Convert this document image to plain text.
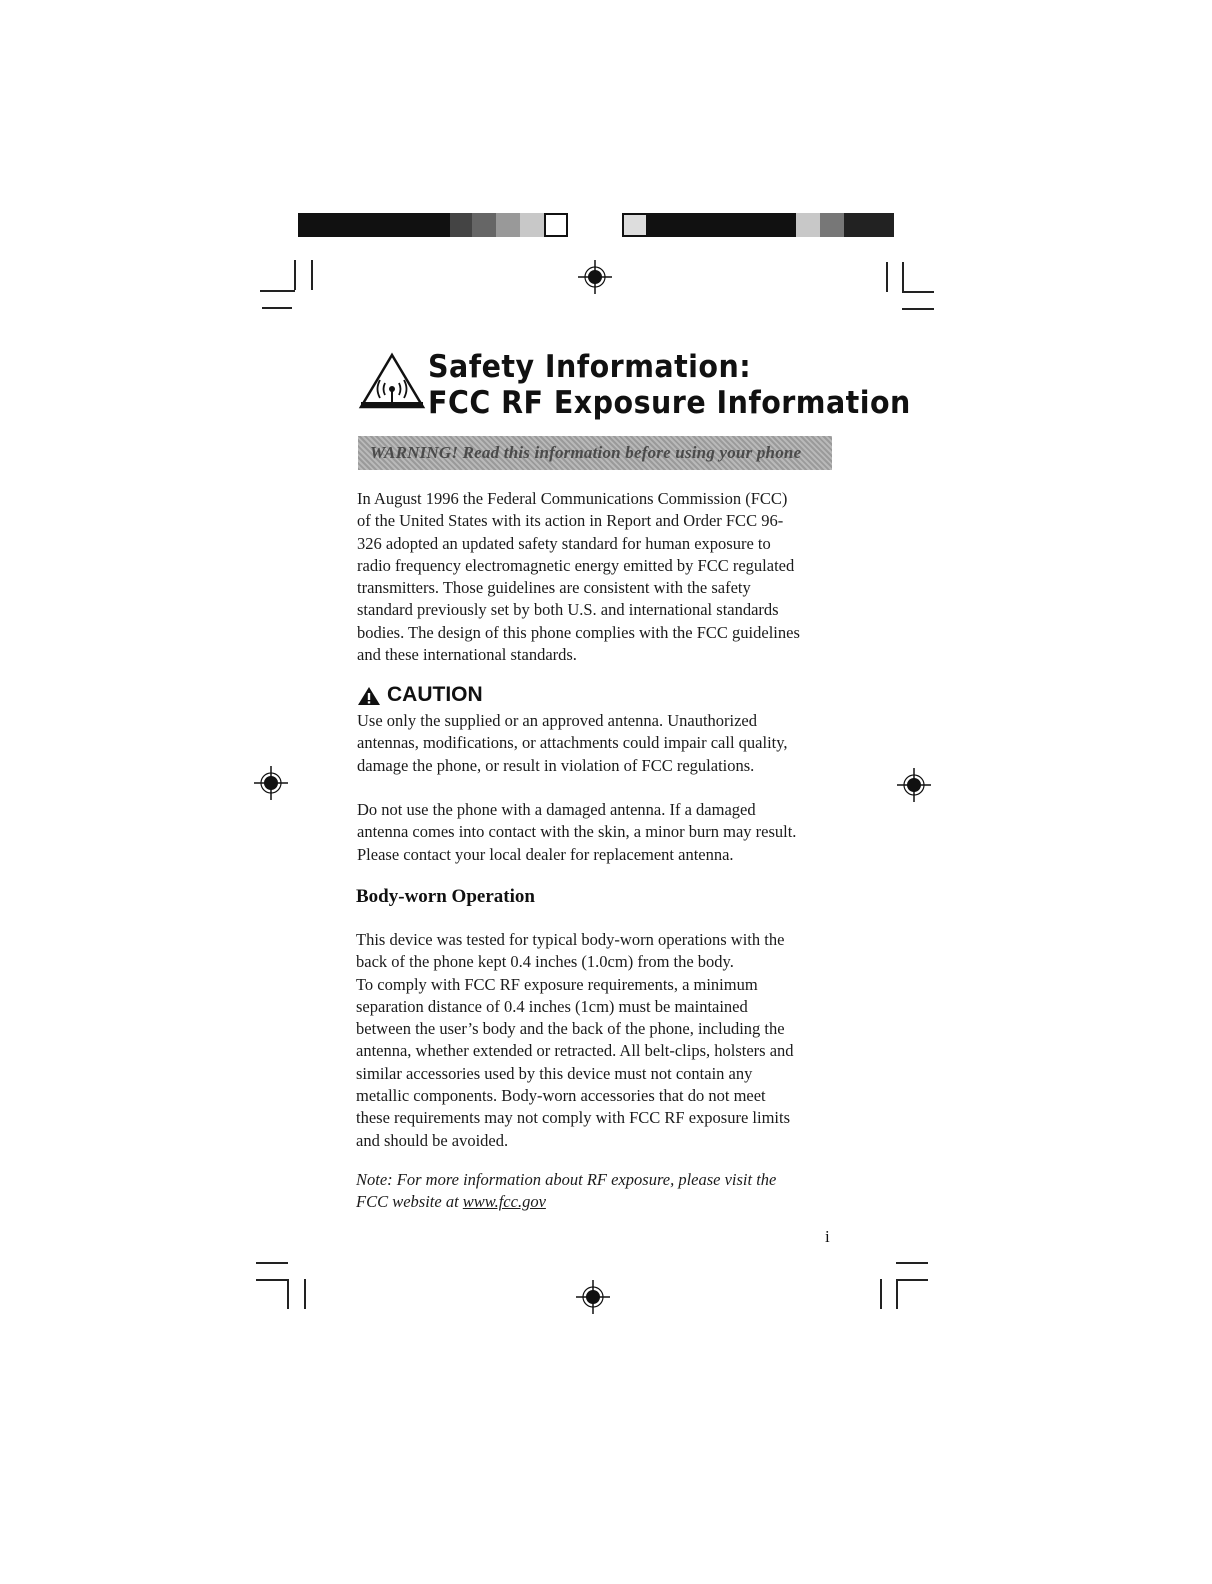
Safety Information:
FCC RF Exposure Information
WARNING! Read this information before using your phone
In August 1996 the Federal Communications Commission (FCC)
of the United States with its action in Report and Order FCC 96-
326 adopted an updated safety standard for human exposure to
radio frequency electromagnetic energy emitted by FCC regulated
transmitters. Those guidelines are consistent with the safety
standard previously set by both U.S. and international standards
bodies. The design of this phone complies with the FCC guidelines
and these international standards.
CAUTION
Use only the supplied or an approved antenna. Unauthorized
antennas, modifications, or attachments could impair call quality,
damage the phone, or result in violation of FCC regulations.
Do not use the phone with a damaged antenna. If a damaged
antenna comes into contact with the skin, a minor burn may result.
Please contact your local dealer for replacement antenna.
Body-worn Operation
This device was tested for typical body-worn operations with the
back of the phone kept 0.4 inches (1.0cm) from the body.
To comply with FCC RF exposure requirements, a minimum
separation distance of 0.4 inches (1cm) must be maintained
between the user’s body and the back of the phone, including the
antenna, whether extended or retracted. All belt-clips, holsters and
similar accessories used by this device must not contain any
metallic components. Body-worn accessories that do not meet
these requirements may not comply with FCC RF exposure limits
and should be avoided.
Note: For more information about RF exposure, please visit the
FCC website at www.fcc.gov
i
